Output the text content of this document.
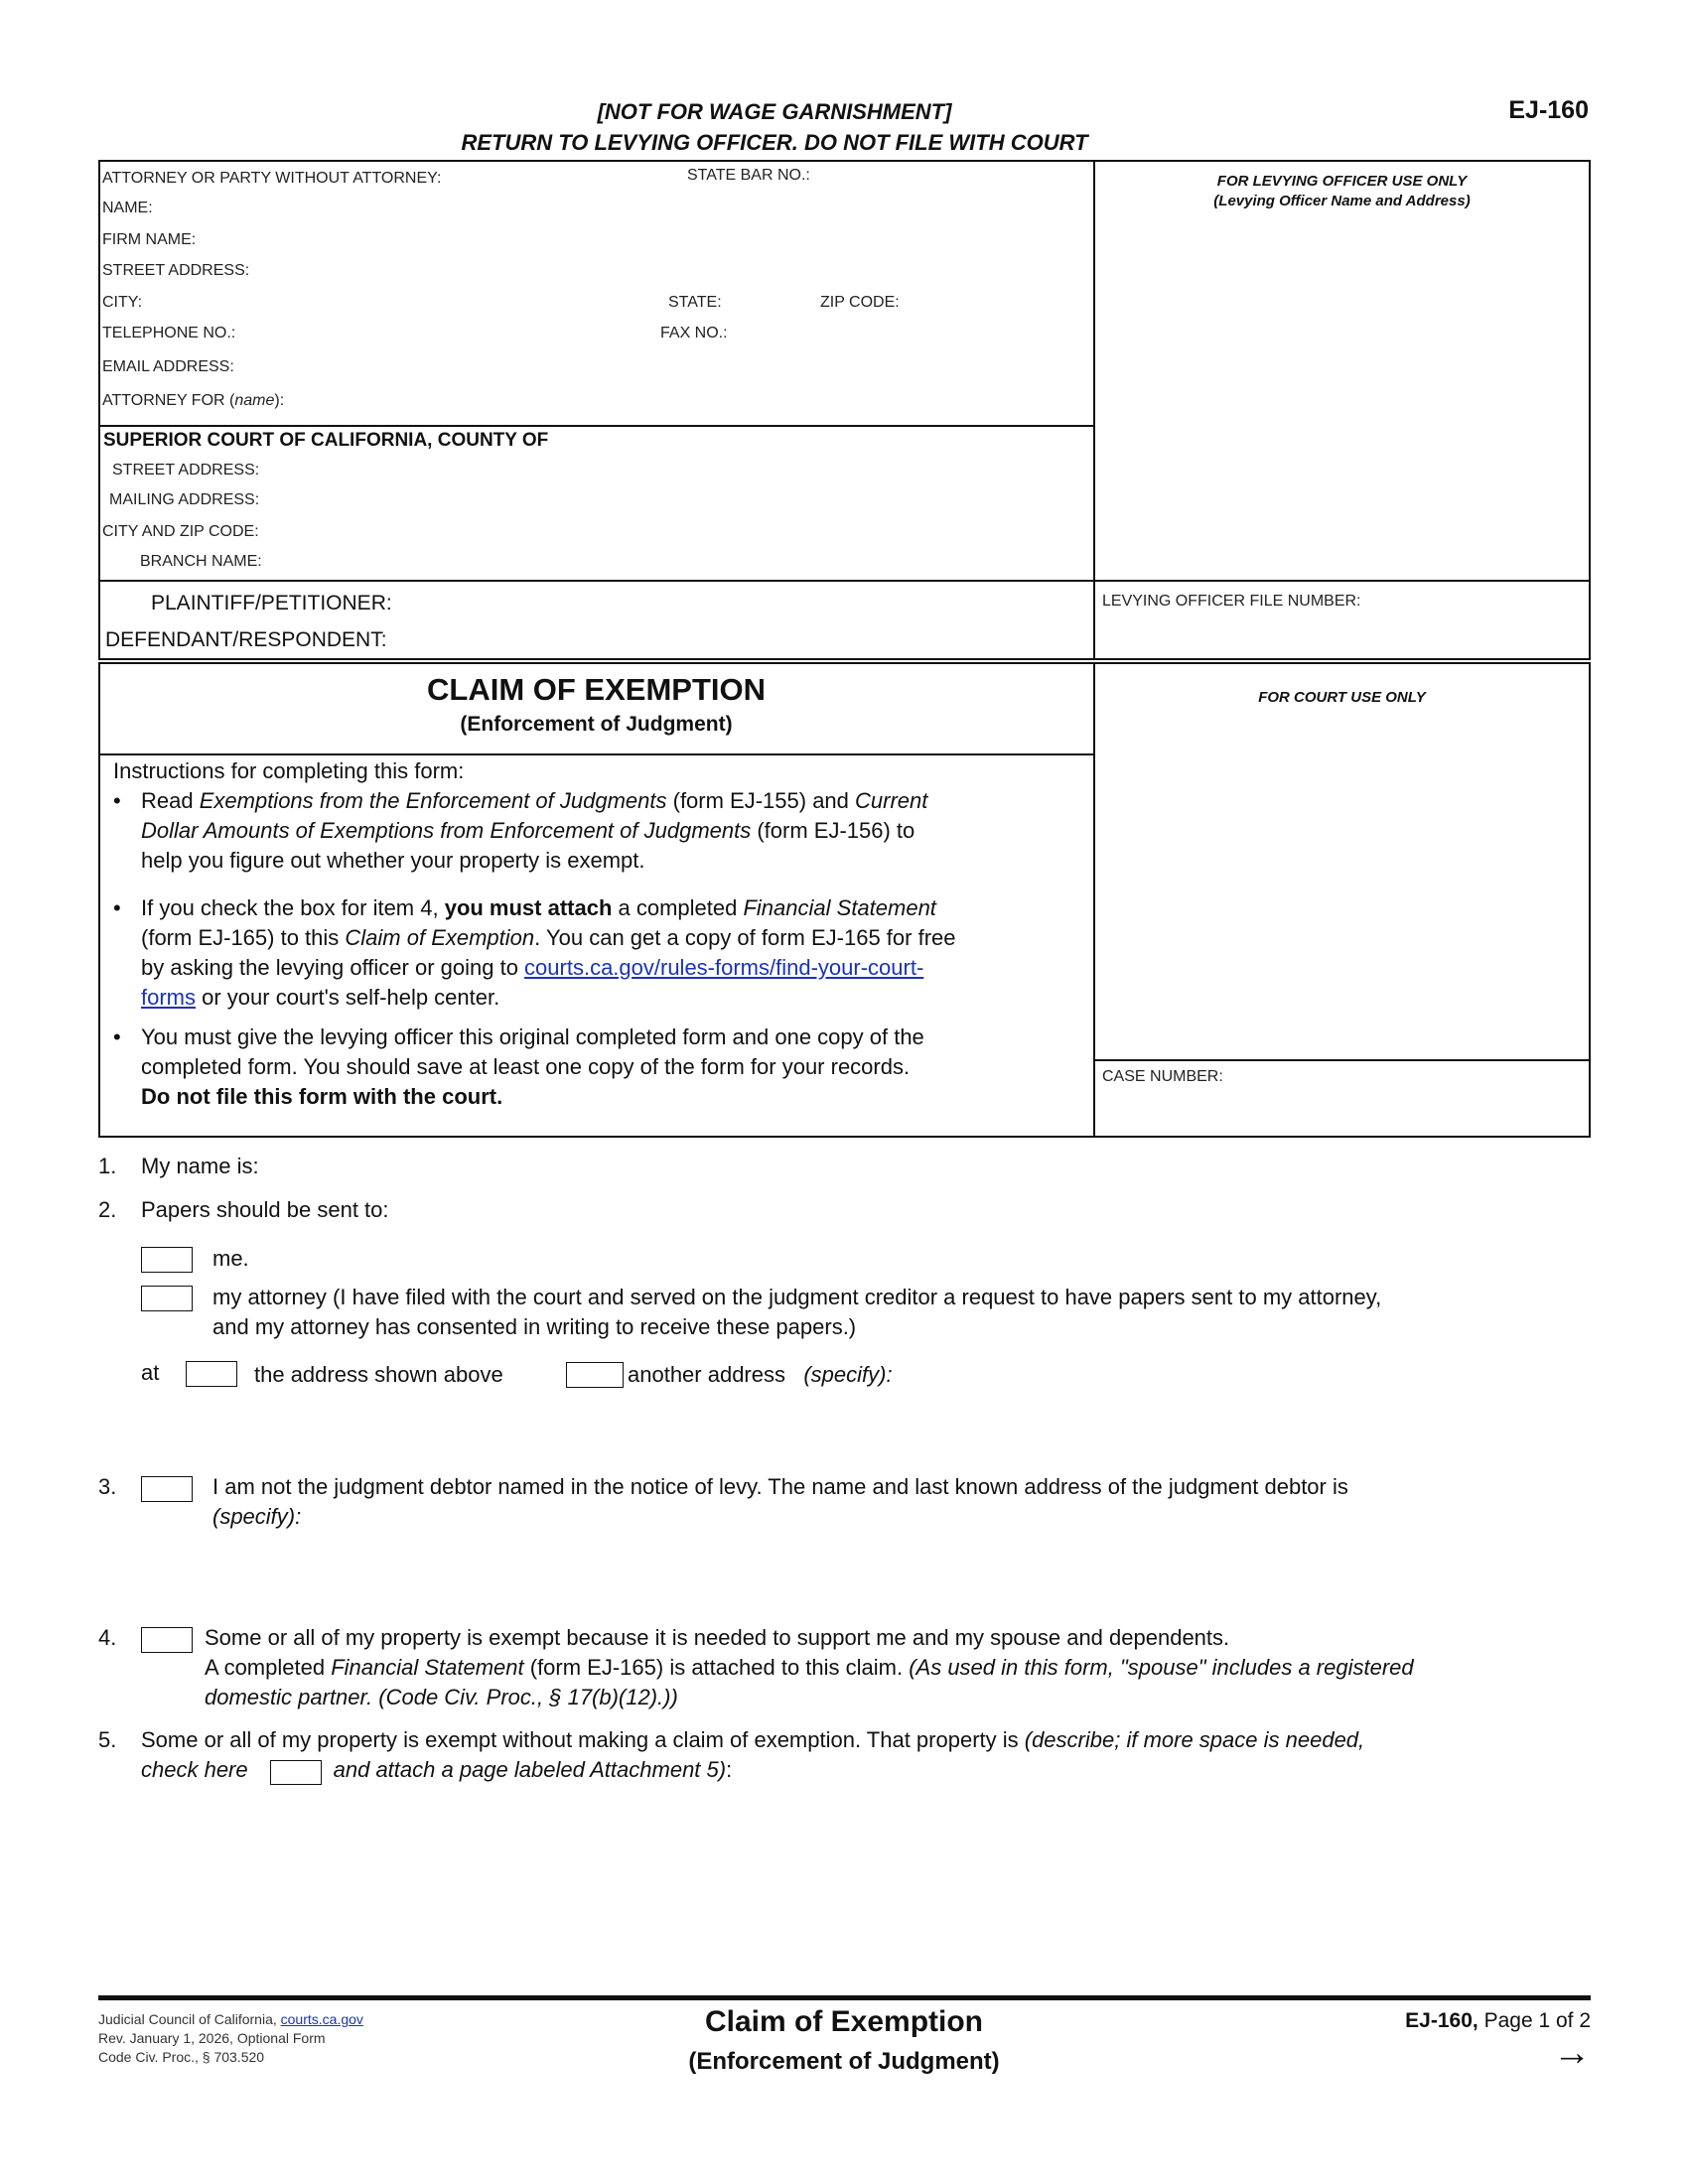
[NOT FOR WAGE GARNISHMENT]
RETURN TO LEVYING OFFICER. DO NOT FILE WITH COURT
EJ-160
ATTORNEY OR PARTY WITHOUT ATTORNEY:	STATE BAR NO.:
NAME:
FIRM NAME:
STREET ADDRESS:
CITY:	STATE:	ZIP CODE:
TELEPHONE NO.:	FAX NO.:
EMAIL ADDRESS:
ATTORNEY FOR (name):
SUPERIOR COURT OF CALIFORNIA, COUNTY OF
STREET ADDRESS:
MAILING ADDRESS:
CITY AND ZIP CODE:
BRANCH NAME:
FOR LEVYING OFFICER USE ONLY
(Levying Officer Name and Address)
LEVYING OFFICER FILE NUMBER:
PLAINTIFF/PETITIONER:
DEFENDANT/RESPONDENT:
CLAIM OF EXEMPTION
(Enforcement of Judgment)
FOR COURT USE ONLY
CASE NUMBER:
Instructions for completing this form:
• Read Exemptions from the Enforcement of Judgments (form EJ-155) and Current
Dollar Amounts of Exemptions from Enforcement of Judgments (form EJ-156) to
help you figure out whether your property is exempt.
• If you check the box for item 4, you must attach a completed Financial Statement
(form EJ-165) to this Claim of Exemption. You can get a copy of form EJ-165 for free
by asking the levying officer or going to courts.ca.gov/rules-forms/find-your-court-
forms or your court's self-help center.
• You must give the levying officer this original completed form and one copy of the
completed form. You should save at least one copy of the form for your records.
Do not file this form with the court.
1. My name is:
2. Papers should be sent to:
me.
my attorney (I have filed with the court and served on the judgment creditor a request to have papers sent to my attorney,
and my attorney has consented in writing to receive these papers.)
at	the address shown above	another address (specify):
3.	I am not the judgment debtor named in the notice of levy. The name and last known address of the judgment debtor is
(specify):
4.	Some or all of my property is exempt because it is needed to support me and my spouse and dependents.
A completed Financial Statement (form EJ-165) is attached to this claim. (As used in this form, "spouse" includes a registered
domestic partner. (Code Civ. Proc., § 17(b)(12).))
5. Some or all of my property is exempt without making a claim of exemption. That property is (describe; if more space is needed,
check here	and attach a page labeled Attachment 5):
Judicial Council of California, courts.ca.gov
Rev. January 1, 2026, Optional Form
Code Civ. Proc., § 703.520
Claim of Exemption
(Enforcement of Judgment)
EJ-160, Page 1 of 2
→
